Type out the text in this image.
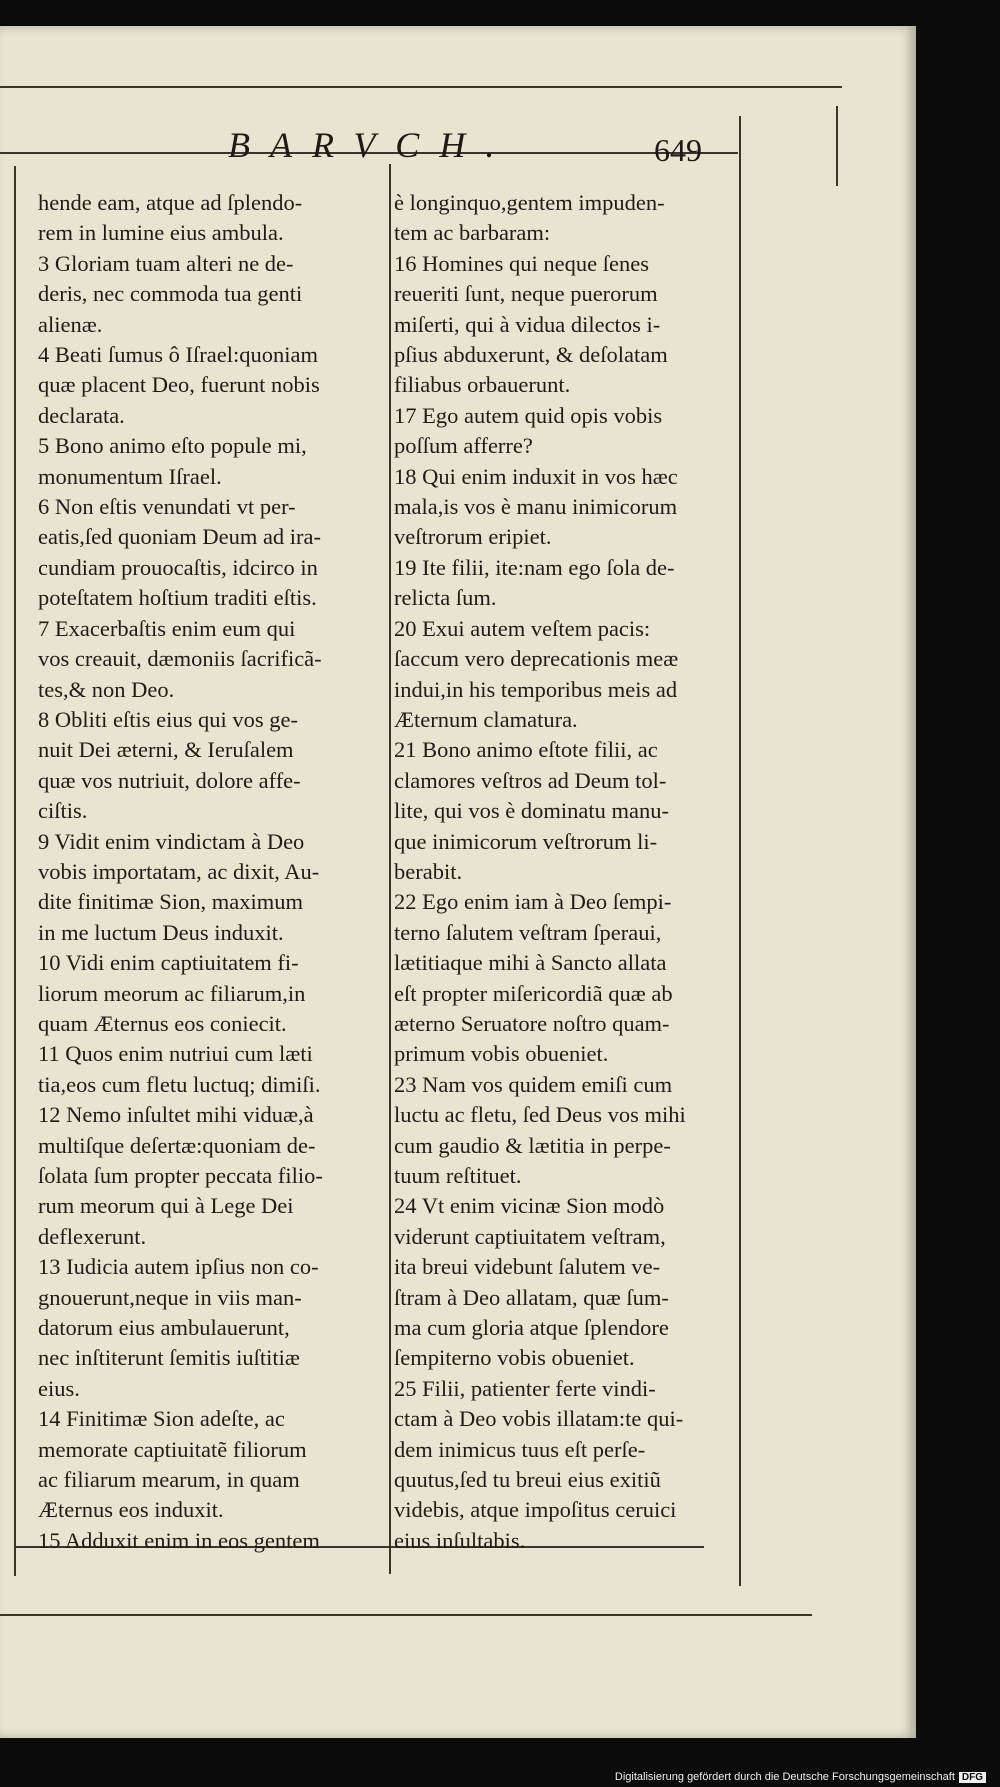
BARVCH.	649

hende eam, atque ad ſplendo-

rem in lumine eius ambula.

3 Gloriam tuam alteri ne de-

deris, nec commoda tua genti

alienæ.

4 Beati ſumus ô Iſrael:quoniam

quæ placent Deo, fuerunt nobis

declarata.

5 Bono animo eſto popule mi,

monumentum Iſrael.

6 Non eſtis venundati vt per-

eatis,ſed quoniam Deum ad ira-

cundiam prouocaſtis, idcirco in

poteſtatem hoſtium traditi eſtis.

7 Exacerbaſtis enim eum qui

vos creauit, dæmoniis ſacrificã-

tes,& non Deo.

8 Obliti eſtis eius qui vos ge-

nuit Dei æterni, & Ieruſalem

quæ vos nutriuit, dolore affe-

ciſtis.

9 Vidit enim vindictam à Deo

vobis importatam, ac dixit, Au-

dite finitimæ Sion, maximum

in me luctum Deus induxit.

10 Vidi enim captiuitatem fi-

liorum meorum ac filiarum,in

quam Æternus eos coniecit.

11 Quos enim nutriui cum læti

tia,eos cum fletu luctuq; dimiſi.

12 Nemo inſultet mihi viduæ,à

multiſque deſertæ:quoniam de-

ſolata ſum propter peccata filio-

rum meorum qui à Lege Dei

deflexerunt.

13 Iudicia autem ipſius non co-

gnouerunt,neque in viis man-

datorum eius ambulauerunt,

nec inſtiterunt ſemitis iuſtitiæ

eius.

14 Finitimæ Sion adeſte, ac

memorate captiuitatẽ filiorum

ac filiarum mearum, in quam

Æternus eos induxit.

15 Adduxit enim in eos gentem

è longinquo,gentem impuden-

tem ac barbaram:

16 Homines qui neque ſenes

reueriti ſunt, neque puerorum

miſerti, qui à vidua dilectos i-

pſius abduxerunt, & deſolatam

filiabus orbauerunt.

17 Ego autem quid opis vobis

poſſum afferre?

18 Qui enim induxit in vos hæc

mala,is vos è manu inimicorum

veſtrorum eripiet.

19 Ite filii, ite:nam ego ſola de-

relicta ſum.

20 Exui autem veſtem pacis:

ſaccum vero deprecationis meæ

indui,in his temporibus meis ad

Æternum clamatura.

21 Bono animo eſtote filii, ac

clamores veſtros ad Deum tol-

lite, qui vos è dominatu manu-

que inimicorum veſtrorum li-

berabit.

22 Ego enim iam à Deo ſempi-

terno ſalutem veſtram ſperaui,

lætitiaque mihi à Sancto allata

eſt propter miſericordiã quæ ab

æterno Seruatore noſtro quam-

primum vobis obueniet.

23 Nam vos quidem emiſi cum

luctu ac fletu, ſed Deus vos mihi

cum gaudio & lætitia in perpe-

tuum reſtituet.

24 Vt enim vicinæ Sion modò

viderunt captiuitatem veſtram,

ita breui videbunt ſalutem ve-

ſtram à Deo allatam, quæ ſum-

ma cum gloria atque ſplendore

ſempiterno vobis obueniet.

25 Filii, patienter ferte vindi-

ctam à Deo vobis illatam:te qui-

dem inimicus tuus eſt perſe-

quutus,ſed tu breui eius exitiũ

videbis, atque impoſitus ceruici

eius inſultabis.

Digitalisierung gefördert durch die Deutsche Forschungsgemeinschaft DFG
